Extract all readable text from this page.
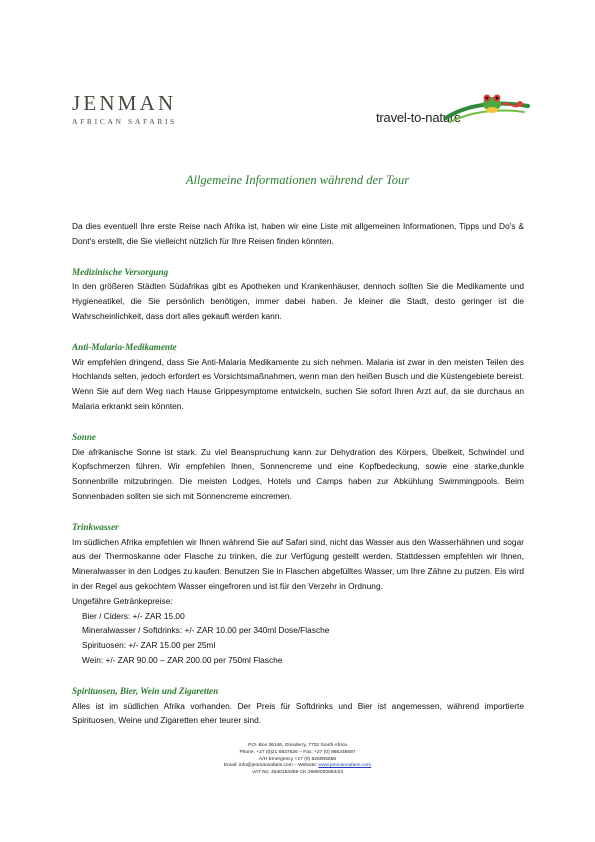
JENMAN
AFRICAN SAFARIS	travel-to-nature
Allgemeine Informationen während der Tour

Da dies eventuell Ihre erste Reise nach Afrika ist, haben wir eine Liste mit allgemeinen Informationen, Tipps und Do's & Dont's erstellt, die Sie vielleicht nützlich für Ihre Reisen finden könnten.

Medizinische Versorgung

In den größeren Städten Südafrikas gibt es Apotheken und Krankenhäuser, dennoch sollten Sie die Medikamente und Hygieneatikel, die Sie persönlich benötigen, immer dabei haben. Je kleiner die Stadt, desto geringer ist die Wahrscheinlichkeit, dass dort alles gekauft werden kann.

Anti-Malaria-Medikamente

Wir empfehlen dringend, dass Sie Anti-Malaria Medikamente zu sich nehmen. Malaria ist zwar in den meisten Teilen des Hochlands selten, jedoch erfordert es Vorsichtsmaßnahmen, wenn man den heißen Busch und die Küstengebiete bereist. Wenn Sie auf dem Weg nach Hause Grippesymptome entwickeln, suchen Sie sofort Ihren Arzt auf, da sie durchaus an Malaria erkrankt sein könnten.

Sonne

Die afrikanische Sonne ist stark. Zu viel Beanspruchung kann zur Dehydration des Körpers, Übelkeit, Schwindel und Kopfschmerzen führen. Wir empfehlen Ihnen, Sonnencreme und eine Kopfbedeckung, sowie eine starke,dunkle Sonnenbrille mitzubringen. Die meisten Lodges, Hotels und Camps haben zur Abkühlung Swimmingpools. Beim Sonnenbaden sollten sie sich mit Sonnencreme eincremen.

Trinkwasser

Im südlichen Afrika empfehlen wir Ihnen während Sie auf Safari sind, nicht das Wasser aus den Wasserhähnen und sogar aus der Thermoskanne oder Flasche zu trinken, die zur Verfügung gestellt werden. Stattdessen empfehlen wir Ihnen, Mineralwasser in den Lodges zu kaufen. Benutzen Sie in Flaschen abgefülltes Wasser, um Ihre Zähne zu putzen. Eis wird in der Regel aus gekochtem Wasser eingefroren und ist für den Verzehr in Ordnung.

Ungefähre Getränkepreise:
Bier / Ciders: +/- ZAR 15.00
Mineralwasser / Softdrinks: +/- ZAR 10.00 per 340ml Dose/Flasche
Spirituosen: +/- ZAR 15.00 per 25ml
Wein: +/- ZAR 90.00 – ZAR 200.00 per 750ml Flasche
Spirituosen, Bier, Wein und Zigaretten

Alles ist im südlichen Afrika vorhanden. Der Preis für Softdrinks und Bier ist angemessen, während importierte Spirituosen, Weine und Zigaretten eher teurer sind.

P.O. Box 36146, Glosderry, 7702 South Africa
Phone: +27 (0)21 6837826 – Fax: +27 (0) 866346597
A/H Emergency +27 (0) 825006658
Email: info@jenmansafaris.com – Website: www.jenmansafaris.com
VAT No: 4540183359 CK:1998/020863/23
